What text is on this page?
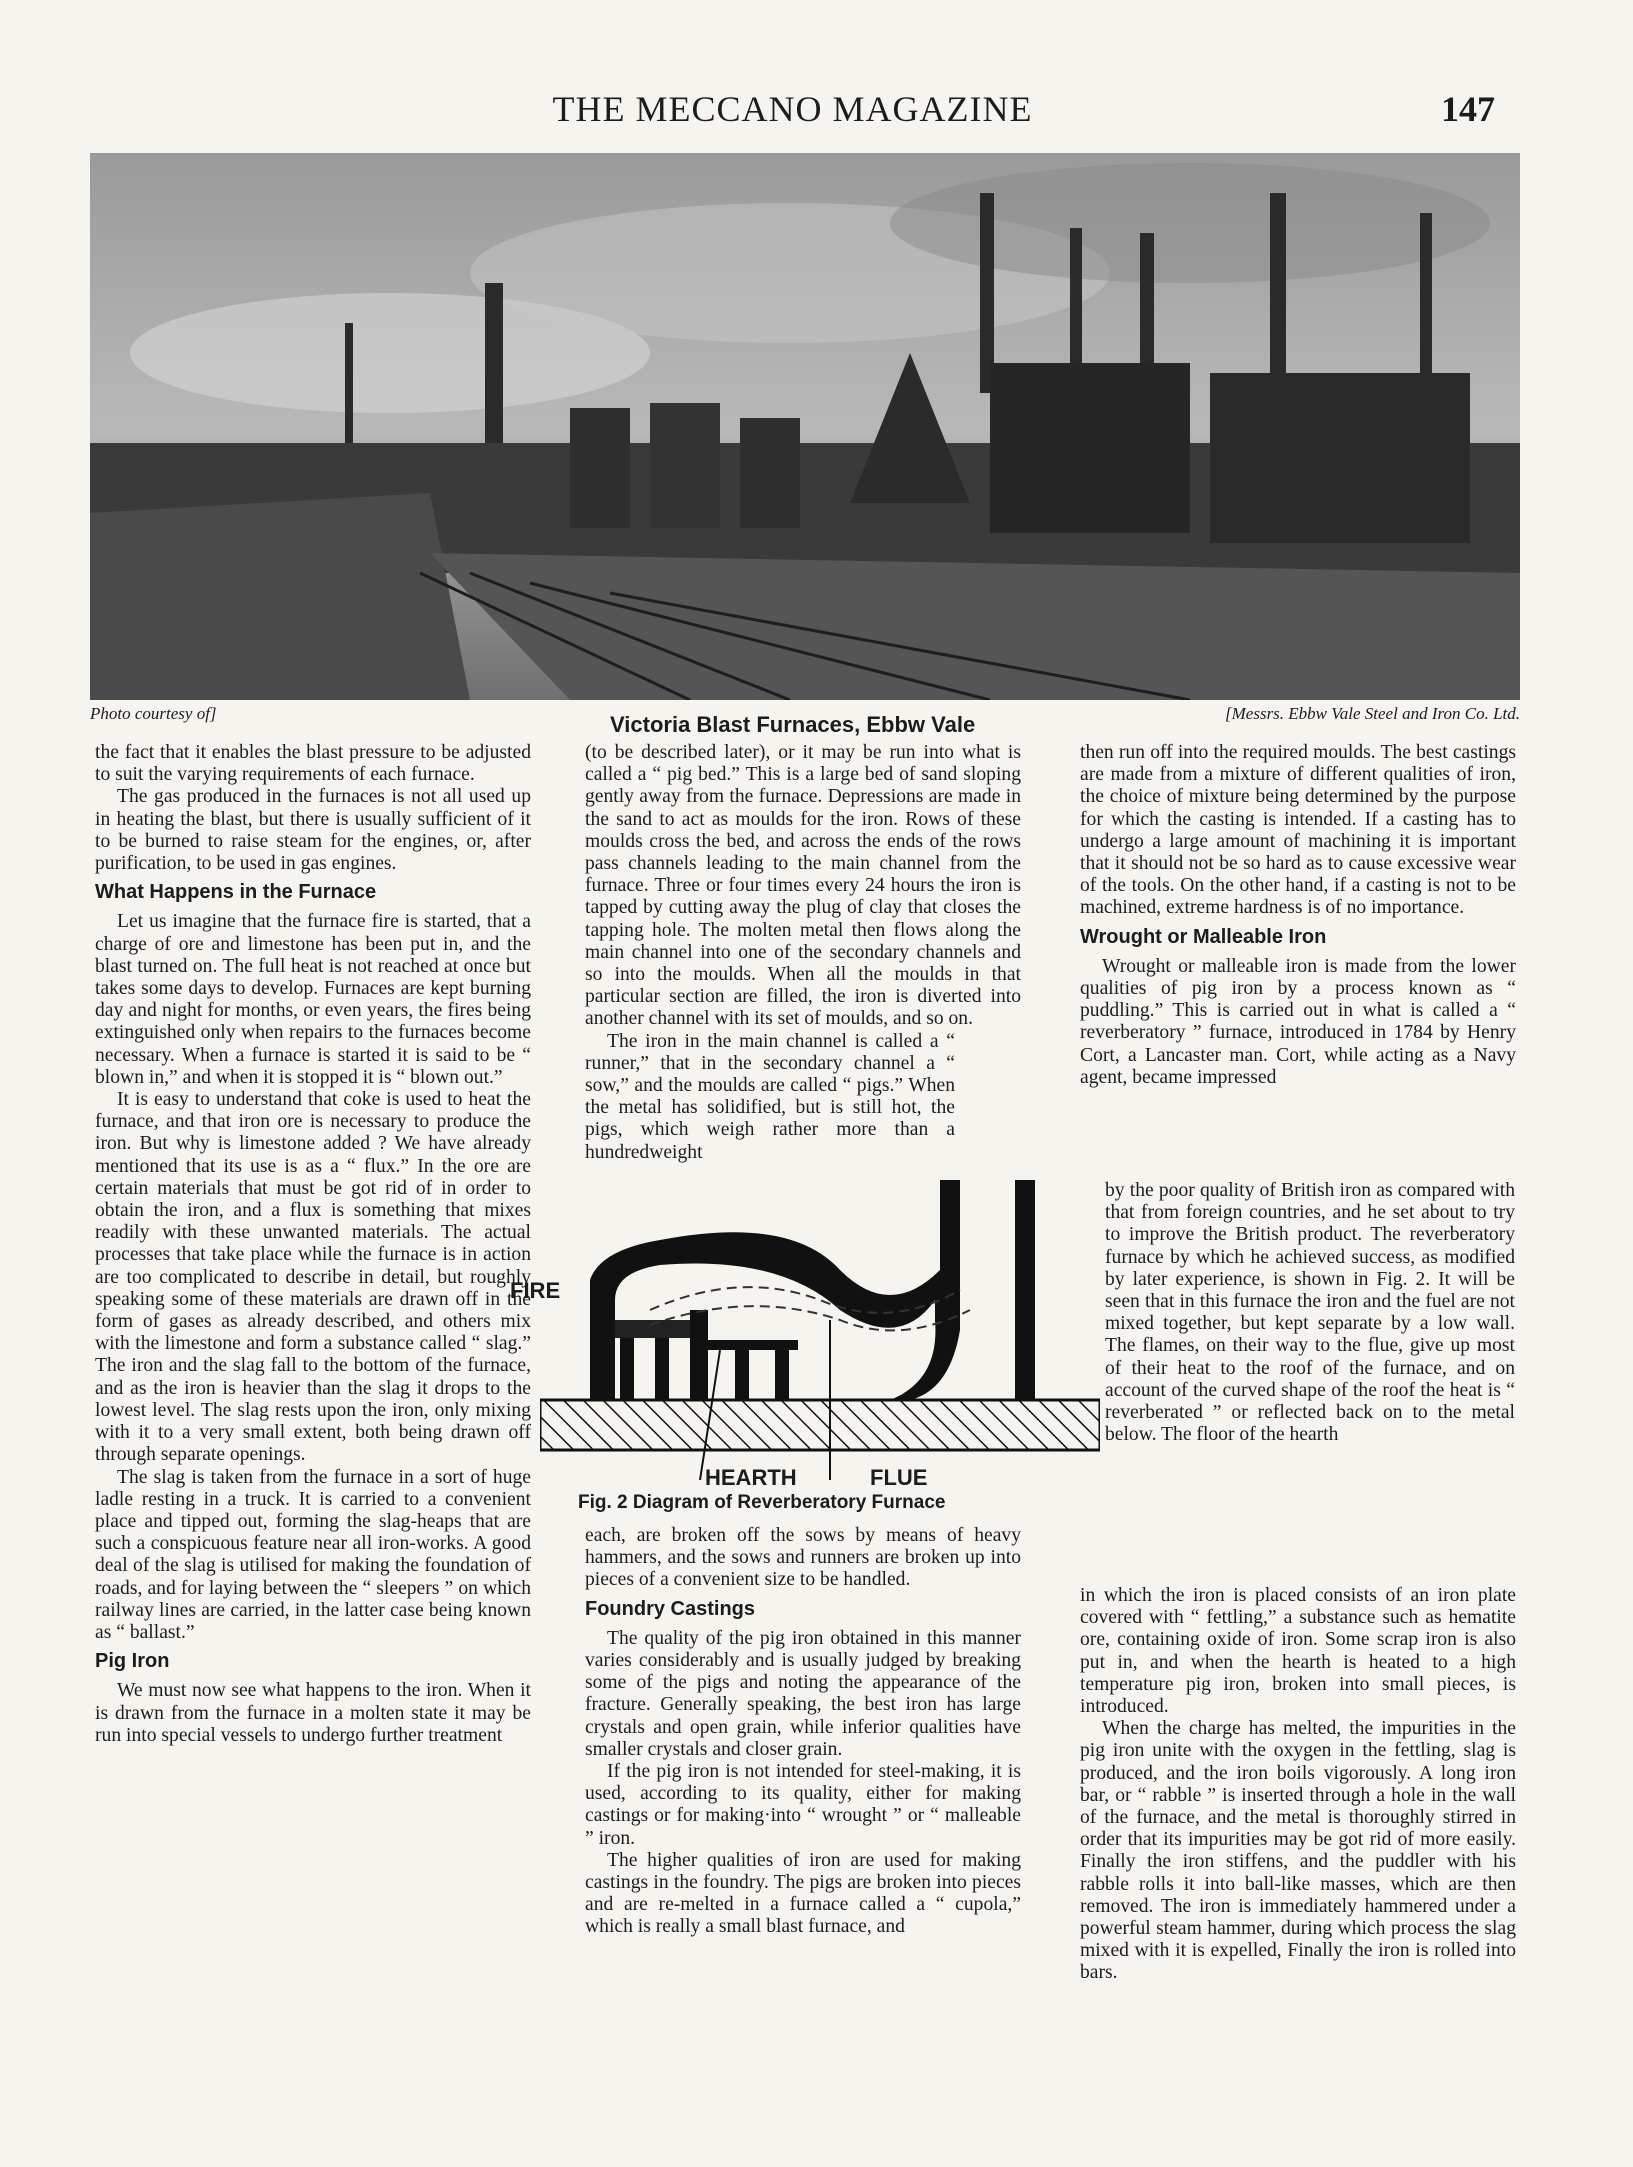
THE MECCANO MAGAZINE	147
Photo courtesy of]	Victoria Blast Furnaces, Ebbw Vale	[Messrs. Ebbw Vale Steel and Iron Co. Ltd.

the fact that it enables the blast pressure to be adjusted to suit the varying requirements of each furnace.

The gas produced in the furnaces is not all used up in heating the blast, but there is usually sufficient of it to be burned to raise steam for the engines, or, after purification, to be used in gas engines.

What Happens in the Furnace

Let us imagine that the furnace fire is started, that a charge of ore and limestone has been put in, and the blast turned on. The full heat is not reached at once but takes some days to develop. Furnaces are kept burning day and night for months, or even years, the fires being extinguished only when repairs to the furnaces become necessary. When a furnace is started it is said to be “ blown in,” and when it is stopped it is “ blown out.”

It is easy to understand that coke is used to heat the furnace, and that iron ore is necessary to produce the iron. But why is limestone added ? We have already mentioned that its use is as a “ flux.” In the ore are certain materials that must be got rid of in order to obtain the iron, and a flux is something that mixes readily with these unwanted materials. The actual processes that take place while the furnace is in action are too complicated to describe in detail, but roughly speaking some of these materials are drawn off in the form of gases as already described, and others mix with the limestone and form a substance called “ slag.” The iron and the slag fall to the bottom of the furnace, and as the iron is heavier than the slag it drops to the lowest level. The slag rests upon the iron, only mixing with it to a very small extent, both being drawn off through separate openings.

The slag is taken from the furnace in a sort of huge ladle resting in a truck. It is carried to a convenient place and tipped out, forming the slag-heaps that are such a conspicuous feature near all iron-works. A good deal of the slag is utilised for making the foundation of roads, and for laying between the “ sleepers ” on which railway lines are carried, in the latter case being known as “ ballast.”

Pig Iron

We must now see what happens to the iron. When it is drawn from the furnace in a molten state it may be run into special vessels to undergo further treatment

(to be described later), or it may be run into what is called a “ pig bed.” This is a large bed of sand sloping gently away from the furnace. Depressions are made in the sand to act as moulds for the iron. Rows of these moulds cross the bed, and across the ends of the rows pass channels leading to the main channel from the furnace. Three or four times every 24 hours the iron is tapped by cutting away the plug of clay that closes the tapping hole. The molten metal then flows along the main channel into one of the secondary channels and so into the moulds. When all the moulds in that particular section are filled, the iron is diverted into another channel with its set of moulds, and so on.

The iron in the main channel is called a “ runner,” that in the secondary channel a “ sow,” and the moulds are called “ pigs.” When the metal has solidified, but is still hot, the pigs, which weigh rather more than a hundredweight

FIRE
HEARTH	FLUE
Fig. 2 Diagram of Reverberatory Furnace

each, are broken off the sows by means of heavy hammers, and the sows and runners are broken up into pieces of a convenient size to be handled.

Foundry Castings

The quality of the pig iron obtained in this manner varies considerably and is usually judged by breaking some of the pigs and noting the appearance of the fracture. Generally speaking, the best iron has large crystals and open grain, while inferior qualities have smaller crystals and closer grain.

If the pig iron is not intended for steel-making, it is used, according to its quality, either for making castings or for making·into “ wrought ” or “ malleable ” iron.

The higher qualities of iron are used for making castings in the foundry. The pigs are broken into pieces and are re-melted in a furnace called a “ cupola,” which is really a small blast furnace, and

then run off into the required moulds. The best castings are made from a mixture of different qualities of iron, the choice of mixture being determined by the purpose for which the casting is intended. If a casting has to undergo a large amount of machining it is important that it should not be so hard as to cause excessive wear of the tools. On the other hand, if a casting is not to be machined, extreme hardness is of no importance.

Wrought or Malleable Iron

Wrought or malleable iron is made from the lower qualities of pig iron by a process known as “ puddling.” This is carried out in what is called a “ reverberatory ” furnace, introduced in 1784 by Henry Cort, a Lancaster man. Cort, while acting as a Navy agent, became impressed

by the poor quality of British iron as compared with that from foreign countries, and he set about to try to improve the British product. The reverberatory furnace by which he achieved success, as modified by later experience, is shown in Fig. 2. It will be seen that in this furnace the iron and the fuel are not mixed together, but kept separate by a low wall. The flames, on their way to the flue, give up most of their heat to the roof of the furnace, and on account of the curved shape of the roof the heat is “ reverberated ” or reflected back on to the metal below. The floor of the hearth

in which the iron is placed consists of an iron plate covered with “ fettling,” a substance such as hematite ore, containing oxide of iron. Some scrap iron is also put in, and when the hearth is heated to a high temperature pig iron, broken into small pieces, is introduced.

When the charge has melted, the impurities in the pig iron unite with the oxygen in the fettling, slag is produced, and the iron boils vigorously. A long iron bar, or “ rabble ” is inserted through a hole in the wall of the furnace, and the metal is thoroughly stirred in order that its impurities may be got rid of more easily. Finally the iron stiffens, and the puddler with his rabble rolls it into ball-like masses, which are then removed. The iron is immediately hammered under a powerful steam hammer, during which process the slag mixed with it is expelled, Finally the iron is rolled into bars.
